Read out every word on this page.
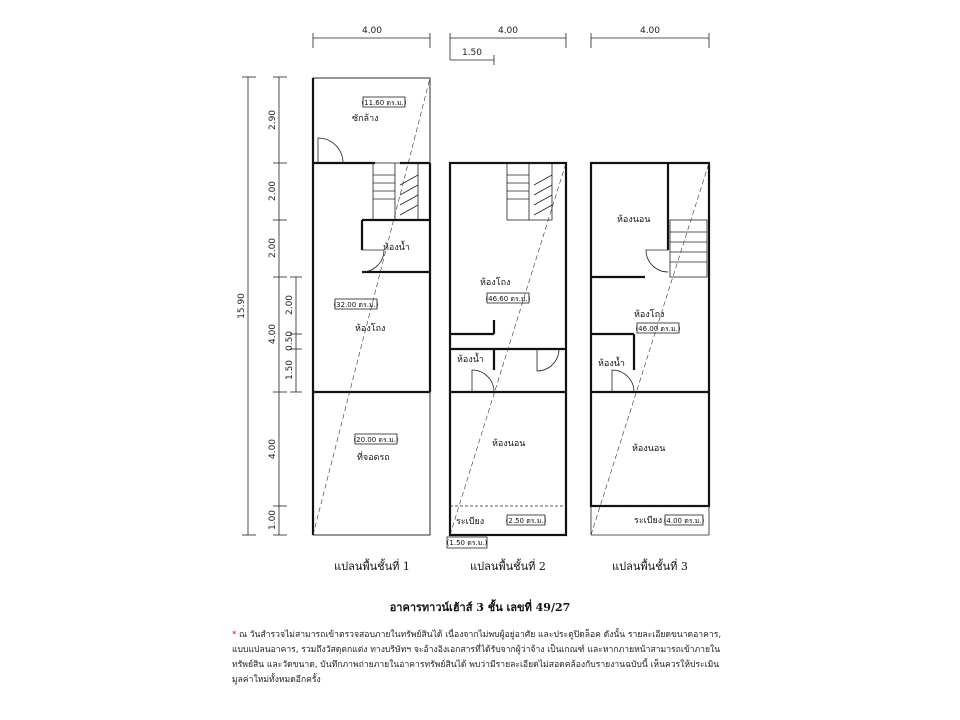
4.00	4.00
1.50
4.00
15.90
2.90
2.00
2.00
4.00
4.00
1.00
2.00
0.50
1.50
ซักล้าง
(11.60 ตร.ม.)
ห้องน้ำ
(32.00 ตร.ม.)
ห้องโถง
(20.00 ตร.ม.)
ที่จอดรถ
(1.50 ตร.ม.)
ห้องโถง
(46.60 ตร.ม.)
ห้องน้ำ
ห้องนอน
ระเบียง	(2.50 ตร.ม.)
ห้องนอน
ห้องโถง
(46.00 ตร.ม.)
ห้องน้ำ
ห้องนอน
ระเบียง (4.00 ตร.ม.)
แปลนพื้นชั้นที่ 1	แปลนพื้นชั้นที่ 2	แปลนพื้นชั้นที่ 3
อาคารทาวน์เฮ้าส์ 3 ชั้น เลขที่ 49/27
* ณ วันสำรวจไม่สามารถเข้าตรวจสอบภายในทรัพย์สินได้ เนื่องจากไม่พบผู้อยู่อาศัย และประตูปิดล็อค ดังนั้น รายละเอียดขนาดอาคาร, แบบแปลนอาคาร, รวมถึงวัสดุตกแต่ง ทางบริษัทฯ จะอ้างอิงเอกสารที่ได้รับจากผู้ว่าจ้าง เป็นเกณฑ์ และหากภายหน้าสามารถเข้าภายในทรัพย์สิน และวัดขนาด, บันทึกภาพถ่ายภายในอาคารทรัพย์สินได้ พบว่ามีรายละเอียดไม่สอดคล้องกับรายงานฉบับนี้ เห็นควรให้ประเมินมูลค่าใหม่ทั้งหมดอีกครั้ง
